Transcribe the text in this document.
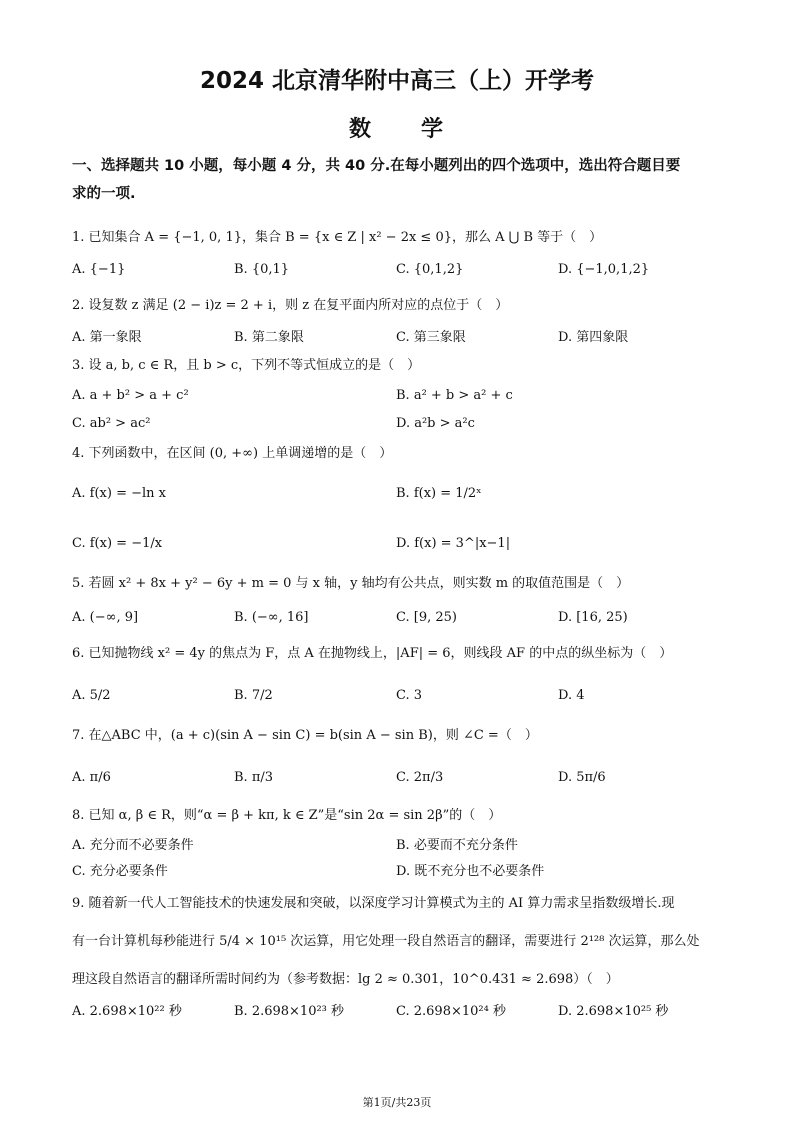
2024 北京清华附中高三（上）开学考
数　　学
一、选择题共 10 小题，每小题 4 分，共 40 分.在每小题列出的四个选项中，选出符合题目要
求的一项.
1. 已知集合 A = {−1, 0, 1}，集合 B = {x ∈ Z | x² − 2x ≤ 0}，那么 A ⋃ B 等于（　）
A. {−1}	B. {0,1}	C. {0,1,2}	D. {−1,0,1,2}
2. 设复数 z 满足 (2 − i)z = 2 + i，则 z 在复平面内所对应的点位于（　）
A. 第一象限	B. 第二象限	C. 第三象限	D. 第四象限
3. 设 a, b, c ∈ R，且 b > c，下列不等式恒成立的是（　）
A. a + b² > a + c²	B. a² + b > a² + c
C. ab² > ac²	D. a²b > a²c
4. 下列函数中，在区间 (0, +∞) 上单调递增的是（　）
A. f(x) = −ln x	B. f(x) = 1/2ˣ
C. f(x) = −1/x	D. f(x) = 3^|x−1|
5. 若圆 x² + 8x + y² − 6y + m = 0 与 x 轴，y 轴均有公共点，则实数 m 的取值范围是（　）
A. (−∞, 9]	B. (−∞, 16]	C. [9, 25)	D. [16, 25)
6. 已知抛物线 x² = 4y 的焦点为 F，点 A 在抛物线上，|AF| = 6，则线段 AF 的中点的纵坐标为（　）
A. 5/2	B. 7/2	C. 3	D. 4
7. 在△ABC 中，(a + c)(sin A − sin C) = b(sin A − sin B)，则 ∠C =（　）
A. π/6	B. π/3	C. 2π/3	D. 5π/6
8. 已知 α, β ∈ R，则“α = β + kπ, k ∈ Z”是“sin 2α = sin 2β”的（　）
A. 充分而不必要条件	B. 必要而不充分条件
C. 充分必要条件	D. 既不充分也不必要条件
9. 随着新一代人工智能技术的快速发展和突破，以深度学习计算模式为主的 AI 算力需求呈指数级增长.现
有一台计算机每秒能进行 5/4 × 10¹⁵ 次运算，用它处理一段自然语言的翻译，需要进行 2¹²⁸ 次运算，那么处
理这段自然语言的翻译所需时间约为（参考数据：lg 2 ≈ 0.301，10^0.431 ≈ 2.698）（　）
A. 2.698×10²² 秒	B. 2.698×10²³ 秒	C. 2.698×10²⁴ 秒	D. 2.698×10²⁵ 秒
第1页/共23页
